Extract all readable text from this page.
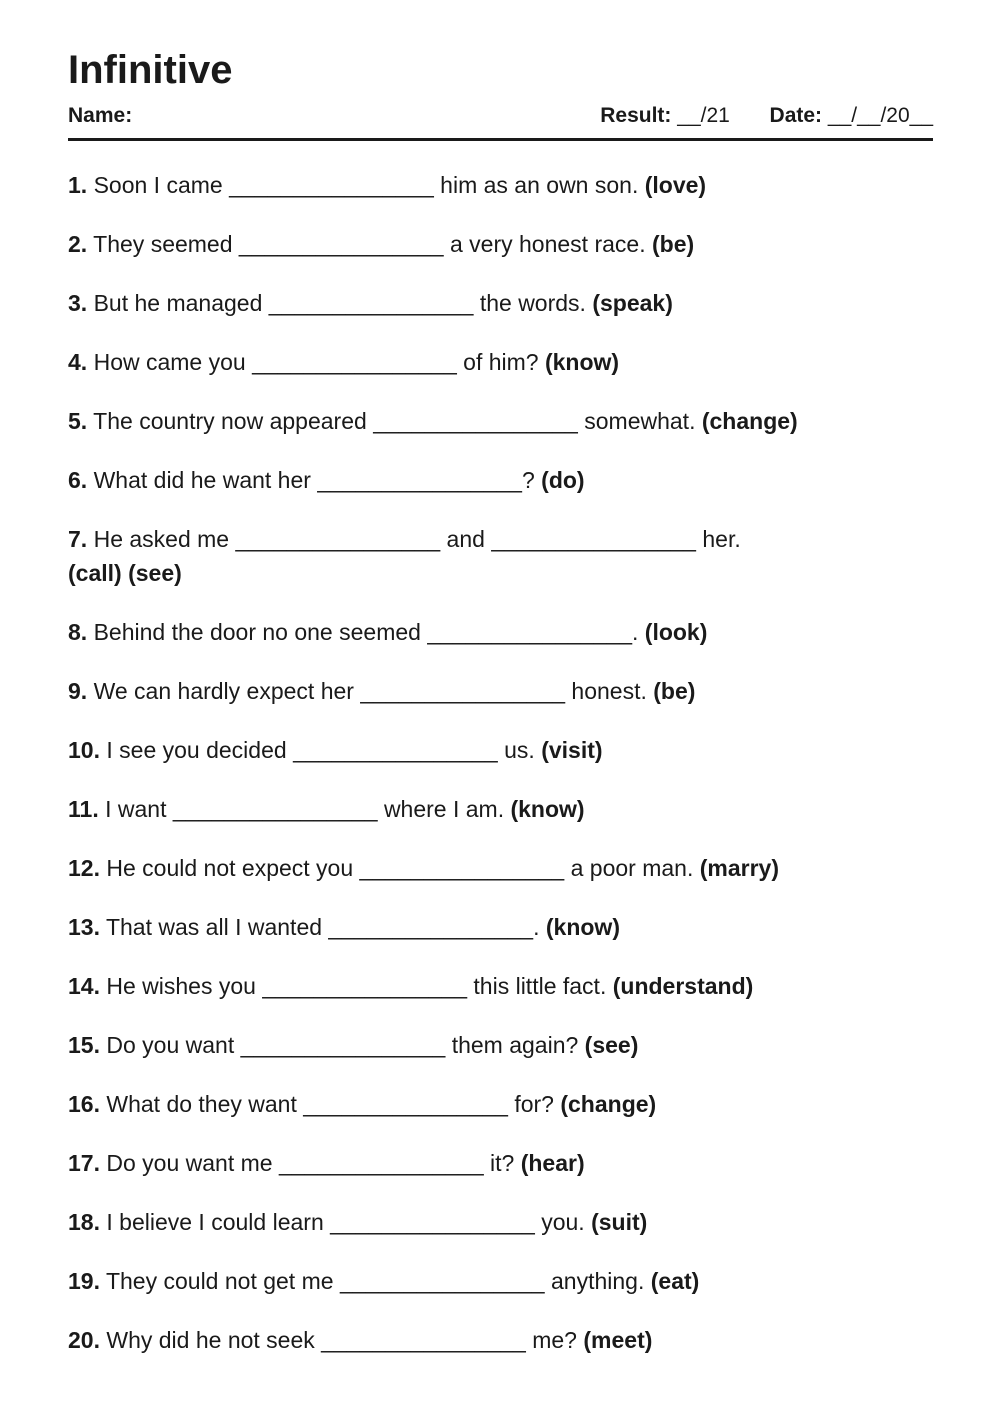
Infinitive
Name:	Result: __/21 Date: __/__/20__
1. Soon I came ________________ him as an own son. (love)
2. They seemed ________________ a very honest race. (be)
3. But he managed ________________ the words. (speak)
4. How came you ________________ of him? (know)
5. The country now appeared ________________ somewhat. (change)
6. What did he want her ________________? (do)
7. He asked me ________________ and ________________ her.
(call) (see)
8. Behind the door no one seemed ________________. (look)
9. We can hardly expect her ________________ honest. (be)
10. I see you decided ________________ us. (visit)
11. I want ________________ where I am. (know)
12. He could not expect you ________________ a poor man. (marry)
13. That was all I wanted ________________. (know)
14. He wishes you ________________ this little fact. (understand)
15. Do you want ________________ them again? (see)
16. What do they want ________________ for? (change)
17. Do you want me ________________ it? (hear)
18. I believe I could learn ________________ you. (suit)
19. They could not get me ________________ anything. (eat)
20. Why did he not seek ________________ me? (meet)
